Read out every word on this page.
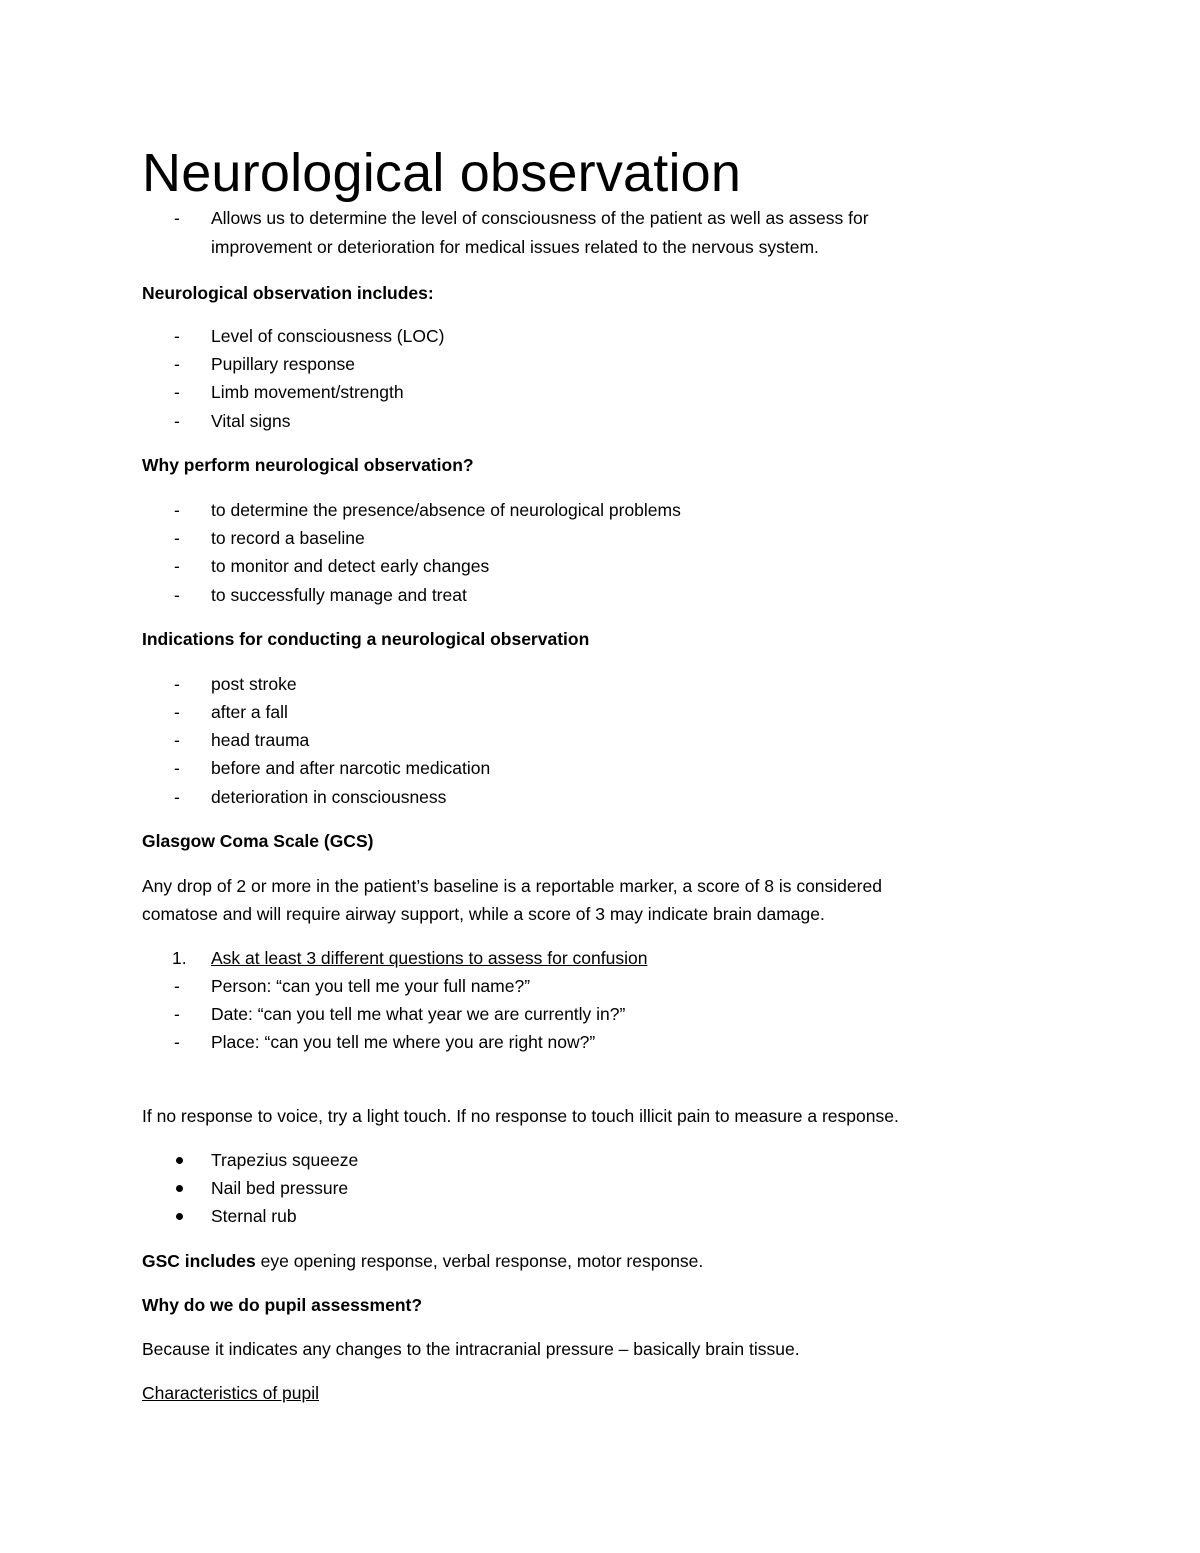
Neurological observation
- Allows us to determine the level of consciousness of the patient as well as assess for
improvement or deterioration for medical issues related to the nervous system.
Neurological observation includes:
- Level of consciousness (LOC)
- Pupillary response
- Limb movement/strength
- Vital signs
Why perform neurological observation?
- to determine the presence/absence of neurological problems
- to record a baseline
- to monitor and detect early changes
- to successfully manage and treat
Indications for conducting a neurological observation
- post stroke
- after a fall
- head trauma
- before and after narcotic medication
- deterioration in consciousness
Glasgow Coma Scale (GCS)
Any drop of 2 or more in the patient’s baseline is a reportable marker, a score of 8 is considered
comatose and will require airway support, while a score of 3 may indicate brain damage.
1. Ask at least 3 different questions to assess for confusion
- Person: “can you tell me your full name?”
- Date: “can you tell me what year we are currently in?”
- Place: “can you tell me where you are right now?”
If no response to voice, try a light touch. If no response to touch illicit pain to measure a response.
Trapezius squeeze
Nail bed pressure
Sternal rub
GSC includes eye opening response, verbal response, motor response.
Why do we do pupil assessment?
Because it indicates any changes to the intracranial pressure – basically brain tissue.
Characteristics of pupil
